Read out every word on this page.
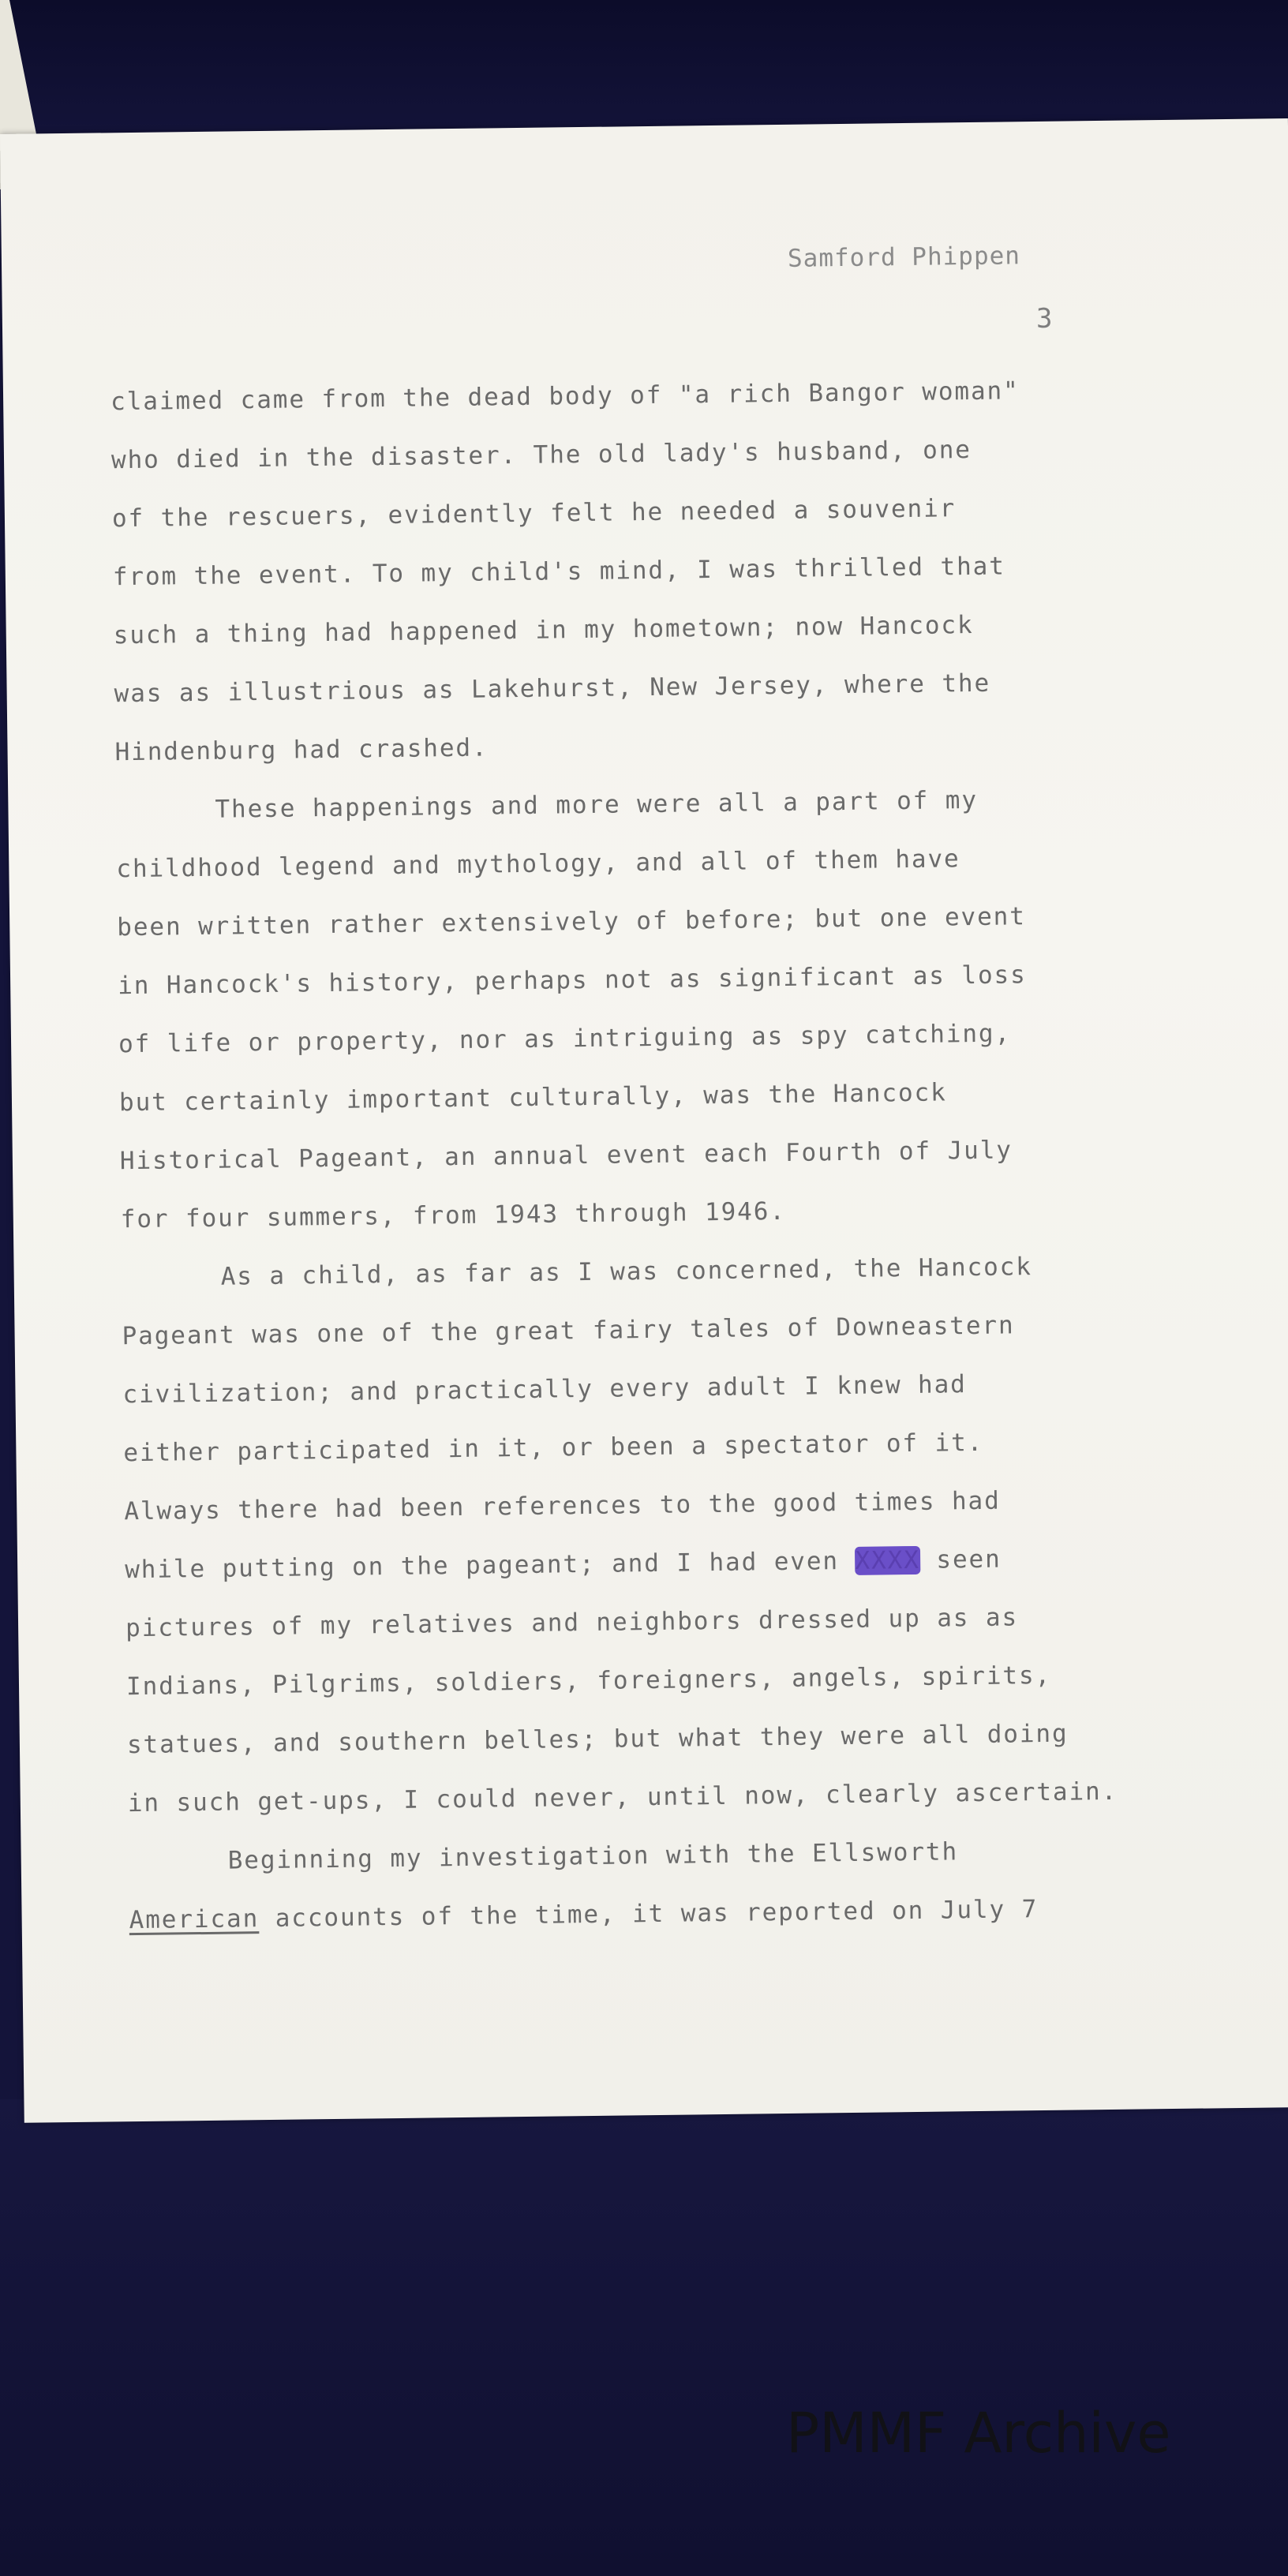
Samford Phippen
3
claimed came from the dead body of "a rich Bangor woman"
who died in the disaster. The old lady's husband, one
of the rescuers, evidently felt he needed a souvenir
from the event. To my child's mind, I was thrilled that
such a thing had happened in my hometown; now Hancock
was as illustrious as Lakehurst, New Jersey, where the
Hindenburg had crashed.
These happenings and more were all a part of my
childhood legend and mythology, and all of them have
been written rather extensively of before; but one event
in Hancock's history, perhaps not as significant as loss
of life or property, nor as intriguing as spy catching,
but certainly important culturally, was the Hancock
Historical Pageant, an annual event each Fourth of July
for four summers, from 1943 through 1946.
As a child, as far as I was concerned, the Hancock
Pageant was one of the great fairy tales of Downeastern
civilization; and practically every adult I knew had
either participated in it, or been a spectator of it.
Always there had been references to the good times had
while putting on the pageant; and I had even XXXX seen
pictures of my relatives and neighbors dressed up as as
Indians, Pilgrims, soldiers, foreigners, angels, spirits,
statues, and southern belles; but what they were all doing
in such get-ups, I could never, until now, clearly ascertain.
Beginning my investigation with the Ellsworth
American accounts of the time, it was reported on July 7
PMMF Archive
